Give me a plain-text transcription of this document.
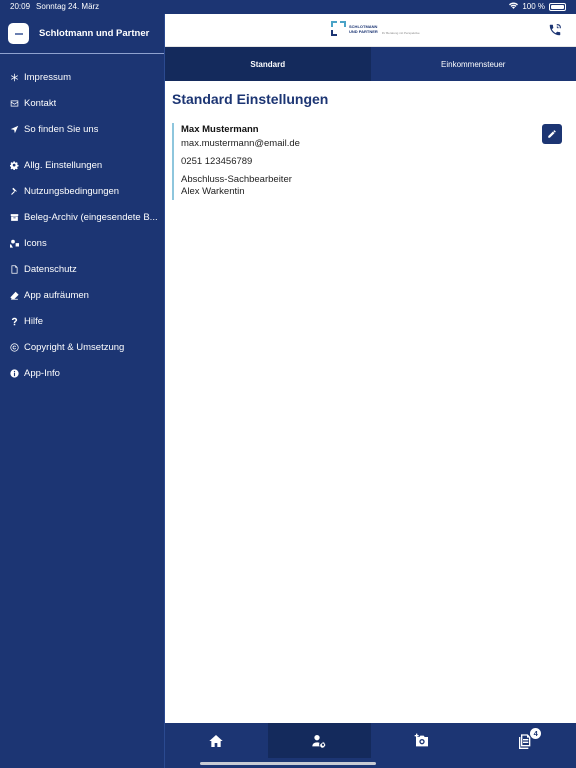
20:09 Sonntag 24. März	100 %
Schlotmann und Partner
Impressum
Kontakt
So finden Sie uns
Allg. Einstellungen
Nutzungsbedingungen
Beleg-Archiv (eingesendete B...
Icons
Datenschutz
App aufräumen
Hilfe
Copyright & Umsetzung
App-Info
SCHLOTMANN
UND PARTNER Ihr Beratung mit Perspektive
Standard	Einkommensteuer
Standard Einstellungen
Max Mustermann
max.mustermann@email.de
0251 123456789
Abschluss-Sachbearbeiter
Alex Warkentin
4
